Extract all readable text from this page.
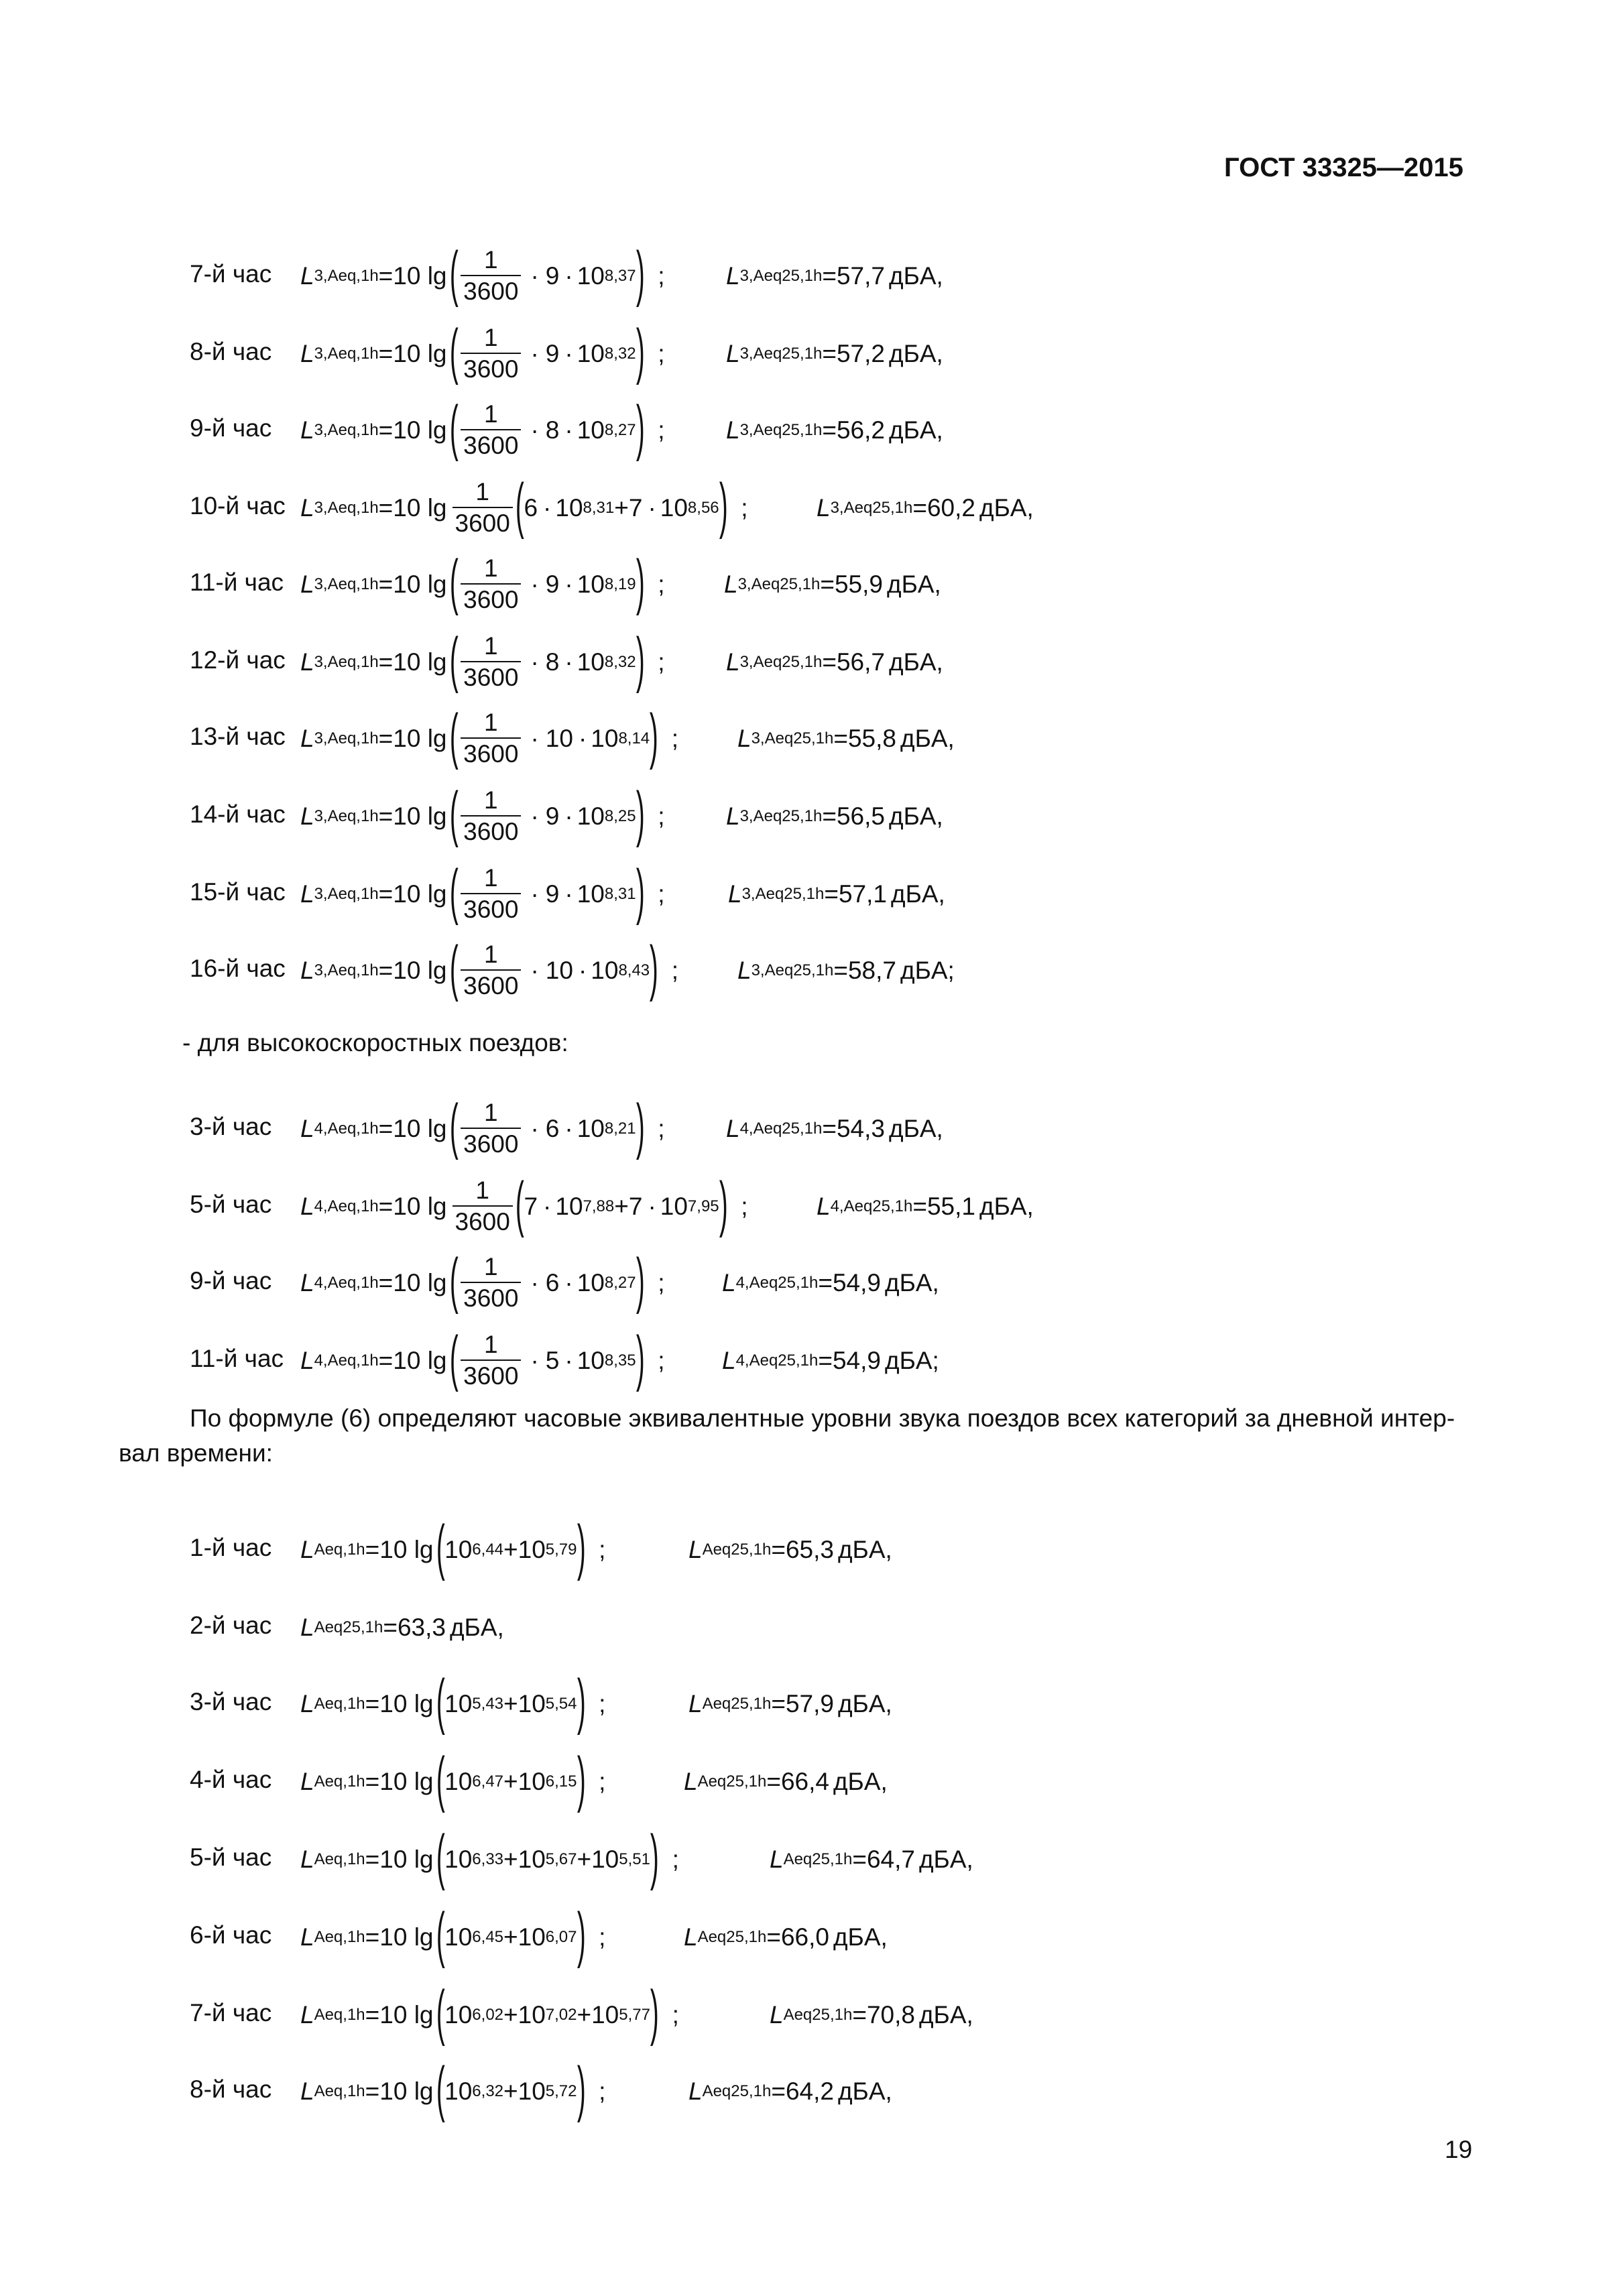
ГОСТ 33325—2015
7-й час L 3,Aeq,1h = 10 lg ( $\frac{1}{3600} \cdot 9 \cdot 10$ 8,37 ) ; L 3,Aeq25,1h = 57,7 дБA ,
8-й час L 3,Aeq,1h = 10 lg ( $\frac{1}{3600} \cdot 9 \cdot 10$ 8,32 ) ; L 3,Aeq25,1h = 57,2 дБA ,
9-й час L 3,Aeq,1h = 10 lg ( $\frac{1}{3600} \cdot 8 \cdot 10$ 8,27 ) ; L 3,Aeq25,1h = 56,2 дБA ,
10-й час L 3,Aeq,1h = 10 $\lg \frac{1}{3600}$ ( 6 · 10 8,31 + 7 · 10 8,56 ) ;	L 3,Aeq25,1h = 60,2 дБA ,
11-й час L 3,Aeq,1h = 10 lg ( $\frac{1}{3600} \cdot 9 \cdot 10$ 8,19 ) ; L 3,Aeq25,1h = 55,9 дБA ,
12-й час L 3,Aeq,1h = 10 lg ( $\frac{1}{3600} \cdot 8 \cdot 10$ 8,32 ) ; L 3,Aeq25,1h = 56,7 дБA ,
13-й час L 3,Aeq,1h = 10 lg ( $\frac{1}{3600} \cdot 10 \cdot 10$ 8,14 ) ; L 3,Aeq25,1h = 55,8 дБA ,
14-й час L 3,Aeq,1h = 10 lg ( $\frac{1}{3600} \cdot 9 \cdot 10$ 8,25 ) ; L 3,Aeq25,1h = 56,5 дБA ,
15-й час L 3,Aeq,1h = 10 lg ( $\frac{1}{3600} \cdot 9 \cdot 10$ 8,31 ) ;	L 3,Aeq25,1h = 57,1 дБA ,
16-й час L 3,Aeq,1h = 10 lg ( $\frac{1}{3600} \cdot 10 \cdot 10$ 8,43 ) ; L 3,Aeq25,1h = 58,7 дБA ;
- для высокоскоростных поездов:
3-й час L 4,Aeq,1h = 10 lg ( $\frac{1}{3600} \cdot 6 \cdot 10$ 8,21 ) ; L 4,Aeq25,1h = 54,3 дБA ,
5-й час L 4,Aeq,1h = 10 $\lg \frac{1}{3600}$ ( 7 · 10 7,88 + 7 · 10 7,95 ) ;	L 4,Aeq25,1h = 55,1 дБA ,
9-й час L 4,Aeq,1h = 10 lg ( $\frac{1}{3600} \cdot 6 \cdot 10$ 8,27 ) ; L 4,Aeq25,1h = 54,9 дБA ,
11-й час L 4,Aeq,1h = 10 lg ( $\frac{1}{3600} \cdot 5 \cdot 10$ 8,35 ) ; L 4,Aeq25,1h = 54,9 дБA ;
По формуле (6) определяют часовые эквивалентные уровни звука поездов всех категорий за дневной интер-
вал времени:
1-й час L Aeq,1h = 10 lg ( 10 6,44 + 10 5,79 ) ;	L Aeq25,1h = 65,3 дБA ,
2-й час L Aeq25,1h = 63,3 дБA ,
3-й час L Aeq,1h = 10 lg ( 10 5,43 + 10 5,54 ) ;	L Aeq25,1h = 57,9 дБA ,
4-й час L Aeq,1h = 10 lg ( 10 6,47 + 10 6,15 ) ;	L Aeq25,1h = 66,4 дБA ,
5-й час L Aeq,1h = 10 lg ( 10 6,33 + 10 5,67 + 10 5,51 ) ;	L Aeq25,1h = 64,7 дБA ,
6-й час L Aeq,1h = 10 lg ( 10 6,45 + 10 6,07 ) ;	L Aeq25,1h = 66,0 дБA ,
7-й час L Aeq,1h = 10 lg ( 10 6,02 + 10 7,02 + 10 5,77 ) ;	L Aeq25,1h = 70,8 дБA ,
8-й час L Aeq,1h = 10 lg ( 10 6,32 + 10 5,72 ) ;	L Aeq25,1h = 64,2 дБA ,
19
